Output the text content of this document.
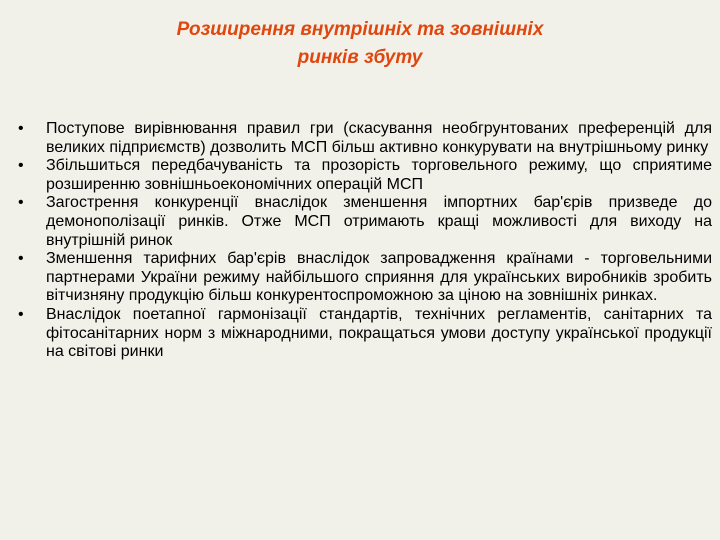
Розширення внутрішніх та зовнішніх
ринків збуту
•	Поступове вирівнювання правил гри (скасування необгрунтованих преференцій для великих підприємств) дозволить МСП більш активно конкурувати на внутрішньому ринку
•	Збільшиться передбачуваність та прозорість торговельного режиму, що сприятиме розширенню зовнішньоекономічних операцій МСП
•	Загострення конкуренції внаслідок зменшення імпортних бар'єрів призведе до демонополізації ринків. Отже МСП отримають кращі можливості для виходу на внутрішній ринок
•	Зменшення тарифних бар'єрів внаслідок запровадження країнами - торговельними партнерами України режиму найбільшого сприяння для українських виробників зробить вітчизняну продукцію більш конкурентоспроможною за ціною на зовнішніх ринках.
•	Внаслідок поетапної гармонізації стандартів, технічних регламентів, санітарних та фітосанітарних норм з міжнародними, покращаться умови доступу української продукції на світові ринки
